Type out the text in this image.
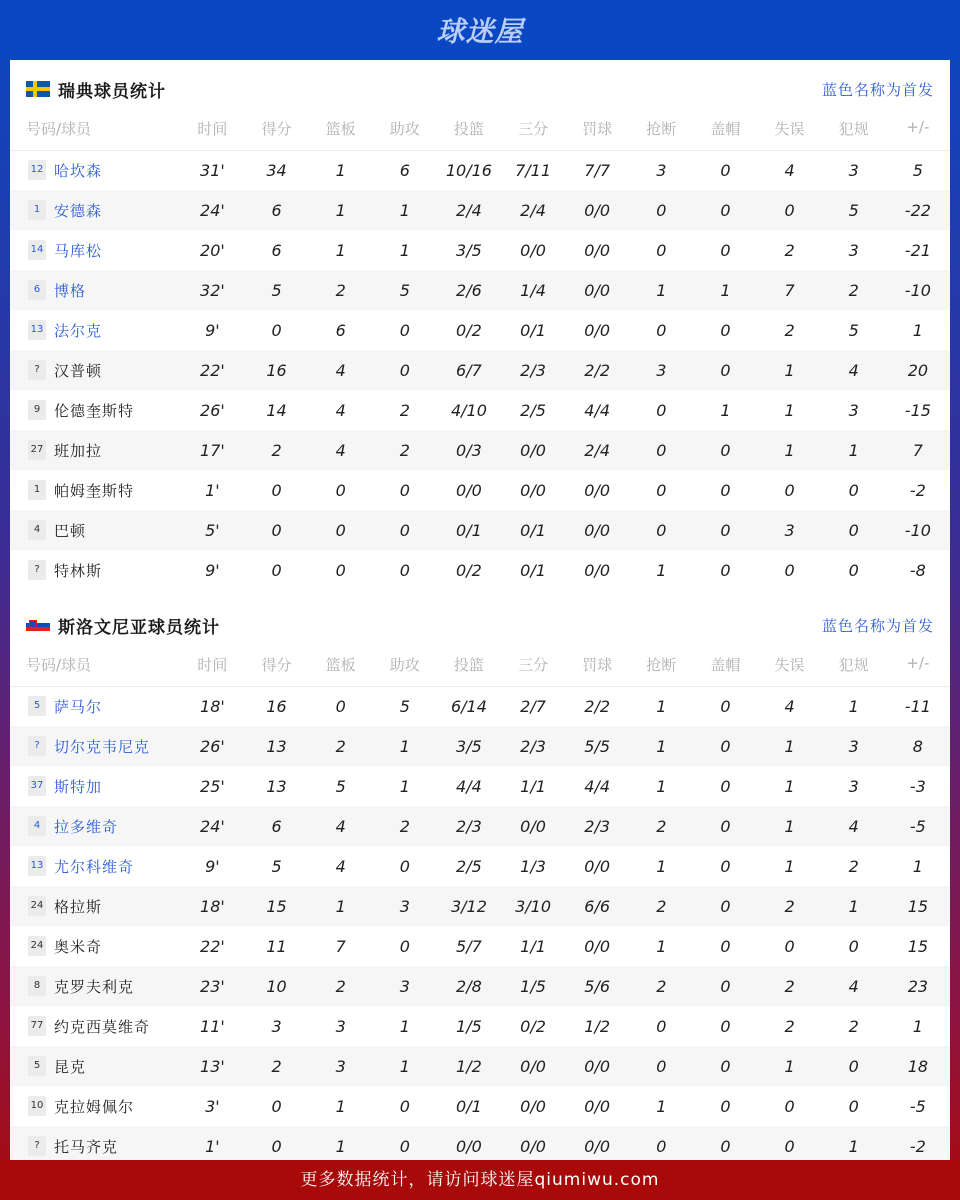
球迷屋
瑞典球员统计	蓝色名称为首发
号码/球员	时间	得分	篮板	助攻	投篮	三分	罚球	抢断	盖帽	失误	犯规	+/-
12 哈坎森	31'	34	1	6	10/16	7/11	7/7	3	0	4	3	5
1 安德森	24'	6	1	1	2/4	2/4	0/0	0	0	0	5	-22
14 马库松	20'	6	1	1	3/5	0/0	0/0	0	0	2	3	-21
6 博格	32'	5	2	5	2/6	1/4	0/0	1	1	7	2	-10
13 法尔克	9'	0	6	0	0/2	0/1	0/0	0	0	2	5	1
? 汉普顿	22'	16	4	0	6/7	2/3	2/2	3	0	1	4	20
9 伦德奎斯特	26'	14	4	2	4/10	2/5	4/4	0	1	1	3	-15
27 班加拉	17'	2	4	2	0/3	0/0	2/4	0	0	1	1	7
1 帕姆奎斯特	1'	0	0	0	0/0	0/0	0/0	0	0	0	0	-2
4 巴顿	5'	0	0	0	0/1	0/1	0/0	0	0	3	0	-10
? 特林斯	9'	0	0	0	0/2	0/1	0/0	1	0	0	0	-8
斯洛文尼亚球员统计	蓝色名称为首发
号码/球员	时间	得分	篮板	助攻	投篮	三分	罚球	抢断	盖帽	失误	犯规	+/-
5 萨马尔	18'	16	0	5	6/14	2/7	2/2	1	0	4	1	-11
? 切尔克韦尼克	26'	13	2	1	3/5	2/3	5/5	1	0	1	3	8
37 斯特加	25'	13	5	1	4/4	1/1	4/4	1	0	1	3	-3
4 拉多维奇	24'	6	4	2	2/3	0/0	2/3	2	0	1	4	-5
13 尤尔科维奇	9'	5	4	0	2/5	1/3	0/0	1	0	1	2	1
24 格拉斯	18'	15	1	3	3/12	3/10	6/6	2	0	2	1	15
24 奥米奇	22'	11	7	0	5/7	1/1	0/0	1	0	0	0	15
8 克罗夫利克	23'	10	2	3	2/8	1/5	5/6	2	0	2	4	23
77 约克西莫维奇	11'	3	3	1	1/5	0/2	1/2	0	0	2	2	1
5 昆克	13'	2	3	1	1/2	0/0	0/0	0	0	1	0	18
10 克拉姆佩尔	3'	0	1	0	0/1	0/0	0/0	1	0	0	0	-5
? 托马齐克	1'	0	1	0	0/0	0/0	0/0	0	0	0	1	-2
更多数据统计，请访问球迷屋qiumiwu.com
